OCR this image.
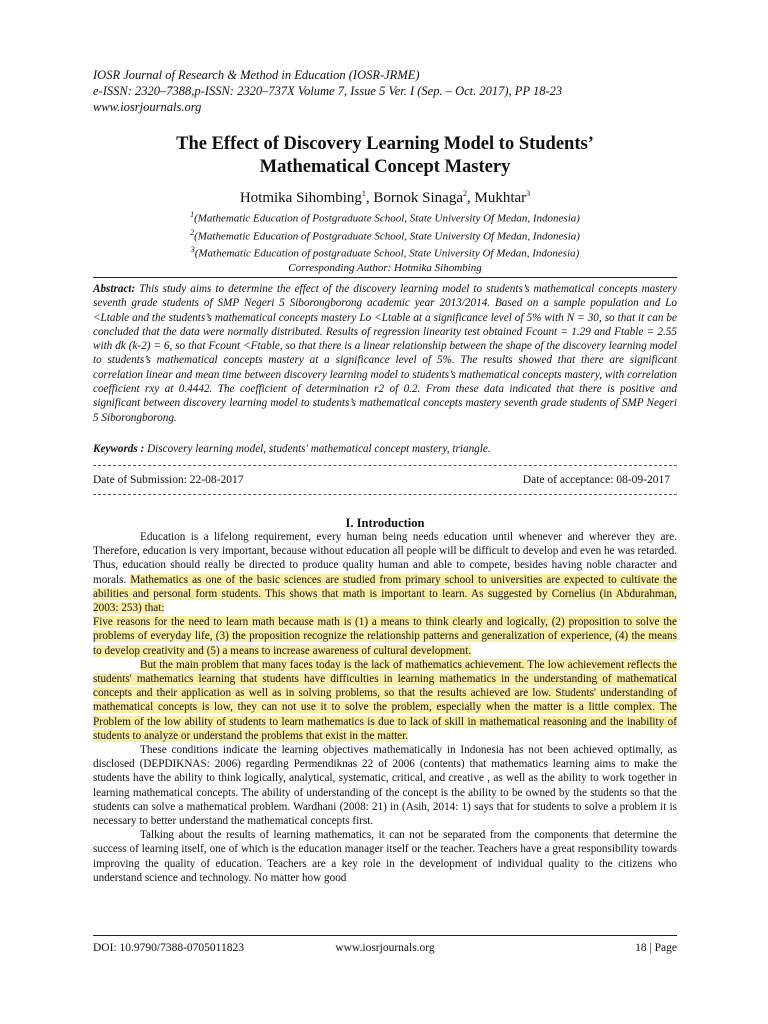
IOSR Journal of Research & Method in Education (IOSR-JRME)
e-ISSN: 2320–7388,p-ISSN: 2320–737X Volume 7, Issue 5 Ver. I (Sep. – Oct. 2017), PP 18-23
www.iosrjournals.org
The Effect of Discovery Learning Model to Students’
Mathematical Concept Mastery
Hotmika Sihombing$^1$, Bornok Sinaga$^2$, Mukhtar$^3$
$^1$(Mathematic Education of Postgraduate School, State University Of Medan, Indonesia)
$^2$(Mathematic Education of Postgraduate School, State University Of Medan, Indonesia)
$^3$(Mathematic Education of postgraduate School, State University Of Medan, Indonesia)
Corresponding Author: Hotmika Sihombing
Abstract: This study aims to determine the effect of the discovery learning model to students’s mathematical concepts mastery seventh grade students of SMP Negeri 5 Siborongborong academic year 2013/2014. Based on a sample population and Lo <Ltable and the students’s mathematical concepts mastery Lo <Ltable at a significance level of 5% with N = 30, so that it can be concluded that the data were normally distributed. Results of regression linearity test obtained Fcount = 1.29 and Ftable = 2.55 with dk (k-2) = 6, so that Fcount <Ftable, so that there is a linear relationship between the shape of the discovery learning model to students’s mathematical concepts mastery at a significance level of 5%. The results showed that there are significant correlation linear and mean time between discovery learning model to students’s mathematical concepts mastery, with correlation coefficient rxy at 0.4442. The coefficient of determination r2 of 0.2. From these data indicated that there is positive and significant between discovery learning model to students’s mathematical concepts mastery seventh grade students of SMP Negeri 5 Siborongborong.
Keywords : Discovery learning model, students' mathematical concept mastery, triangle.
Date of Submission: 22-08-2017	Date of acceptance: 08-09-2017
I. Introduction

Education is a lifelong requirement, every human being needs education until whenever and wherever they are. Therefore, education is very important, because without education all people will be difficult to develop and even he was retarded. Thus, education should really be directed to produce quality human and able to compete, besides having noble character and morals. Mathematics as one of the basic sciences are studied from primary school to universities are expected to cultivate the abilities and personal form students. This shows that math is important to learn. As suggested by Cornelius (in Abdurahman, 2003: 253) that:

Five reasons for the need to learn math because math is (1) a means to think clearly and logically, (2) proposition to solve the problems of everyday life, (3) the proposition recognize the relationship patterns and generalization of experience, (4) the means to develop creativity and (5) a means to increase awareness of cultural development.

But the main problem that many faces today is the lack of mathematics achievement. The low achievement reflects the students' mathematics learning that students have difficulties in learning mathematics in the understanding of mathematical concepts and their application as well as in solving problems, so that the results achieved are low. Students' understanding of mathematical concepts is low, they can not use it to solve the problem, especially when the matter is a little complex. The Problem of the low ability of students to learn mathematics is due to lack of skill in mathematical reasoning and the inability of students to analyze or understand the problems that exist in the matter.

These conditions indicate the learning objectives mathematically in Indonesia has not been achieved optimally, as disclosed (DEPDIKNAS: 2006) regarding Permendiknas 22 of 2006 (contents) that mathematics learning aims to make the students have the ability to think logically, analytical, systematic, critical, and creative , as well as the ability to work together in learning mathematical concepts. The ability of understanding of the concept is the ability to be owned by the students so that the students can solve a mathematical problem. Wardhani (2008: 21) in (Asih, 2014: 1) says that for students to solve a problem it is necessary to better understand the mathematical concepts first.

Talking about the results of learning mathematics, it can not be separated from the components that determine the success of learning itself, one of which is the education manager itself or the teacher. Teachers have a great responsibility towards improving the quality of education. Teachers are a key role in the development of individual quality to the citizens who understand science and technology. No matter how good

DOI: 10.9790/7388-0705011823	www.iosrjournals.org	18 | Page
